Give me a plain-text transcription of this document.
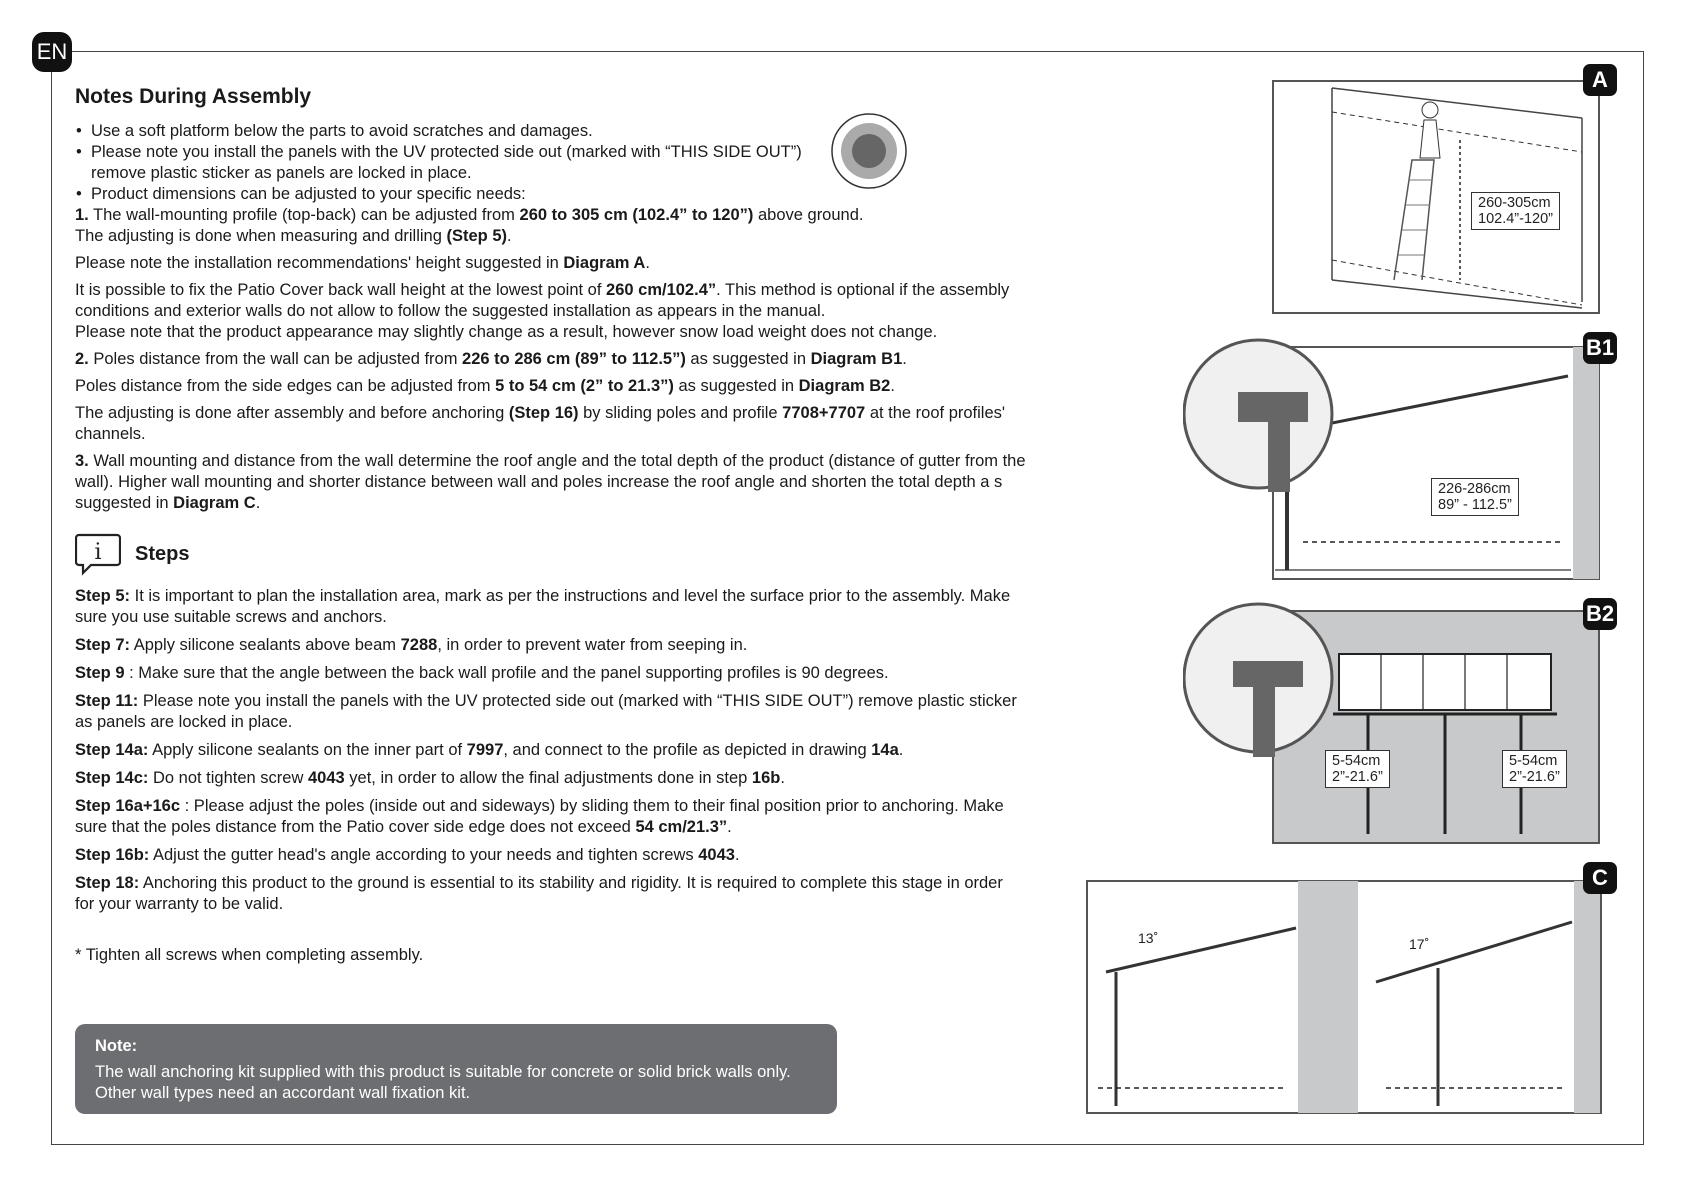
EN
Notes During Assembly
• Use a soft platform below the parts to avoid scratches and damages.
• Please note you install the panels with the UV protected side out (marked with “THIS SIDE OUT”) remove plastic sticker as panels are locked in place.
• Product dimensions can be adjusted to your specific needs:

1. The wall-mounting profile (top-back) can be adjusted from 260 to 305 cm (102.4” to 120”) above ground.
The adjusting is done when measuring and drilling (Step 5).

Please note the installation recommendations' height suggested in Diagram A.

It is possible to fix the Patio Cover back wall height at the lowest point of 260 cm/102.4”. This method is optional if the assembly conditions and exterior walls do not allow to follow the suggested installation as appears in the manual.
Please note that the product appearance may slightly change as a result, however snow load weight does not change.

2. Poles distance from the wall can be adjusted from 226 to 286 cm (89” to 112.5”) as suggested in Diagram B1.

Poles distance from the side edges can be adjusted from 5 to 54 cm (2” to 21.3”) as suggested in Diagram B2.

The adjusting is done after assembly and before anchoring (Step 16) by sliding poles and profile 7708+7707 at the roof profiles' channels.

3. Wall mounting and distance from the wall determine the roof angle and the total depth of the product (distance of gutter from the wall). Higher wall mounting and shorter distance between wall and poles increase the roof angle and shorten the total depth a s suggested in Diagram C.

i Steps
Step 5: It is important to plan the installation area, mark as per the instructions and level the surface prior to the assembly. Make sure you use suitable screws and anchors.
Step 7: Apply silicone sealants above beam 7288, in order to prevent water from seeping in.
Step 9 : Make sure that the angle between the back wall profile and the panel supporting profiles is 90 degrees.
Step 11: Please note you install the panels with the UV protected side out (marked with “THIS SIDE OUT”) remove plastic sticker as panels are locked in place.
Step 14a: Apply silicone sealants on the inner part of 7997, and connect to the profile as depicted in drawing 14a.
Step 14c: Do not tighten screw 4043 yet, in order to allow the final adjustments done in step 16b.
Step 16a+16c : Please adjust the poles (inside out and sideways) by sliding them to their final position prior to anchoring. Make sure that the poles distance from the Patio cover side edge does not exceed 54 cm/21.3”.
Step 16b: Adjust the gutter head's angle according to your needs and tighten screws 4043.
Step 18: Anchoring this product to the ground is essential to its stability and rigidity. It is required to complete this stage in order for your warranty to be valid.
* Tighten all screws when completing assembly.
Note:
The wall anchoring kit supplied with this product is suitable for concrete or solid brick walls only. Other wall types need an accordant wall fixation kit.
260-305cm
102.4”-120”
A
226-286cm
89” - 112.5”
B1
5-54cm
2”-21.6”
5-54cm
2”-21.6”
B2
13˚	17˚
C
